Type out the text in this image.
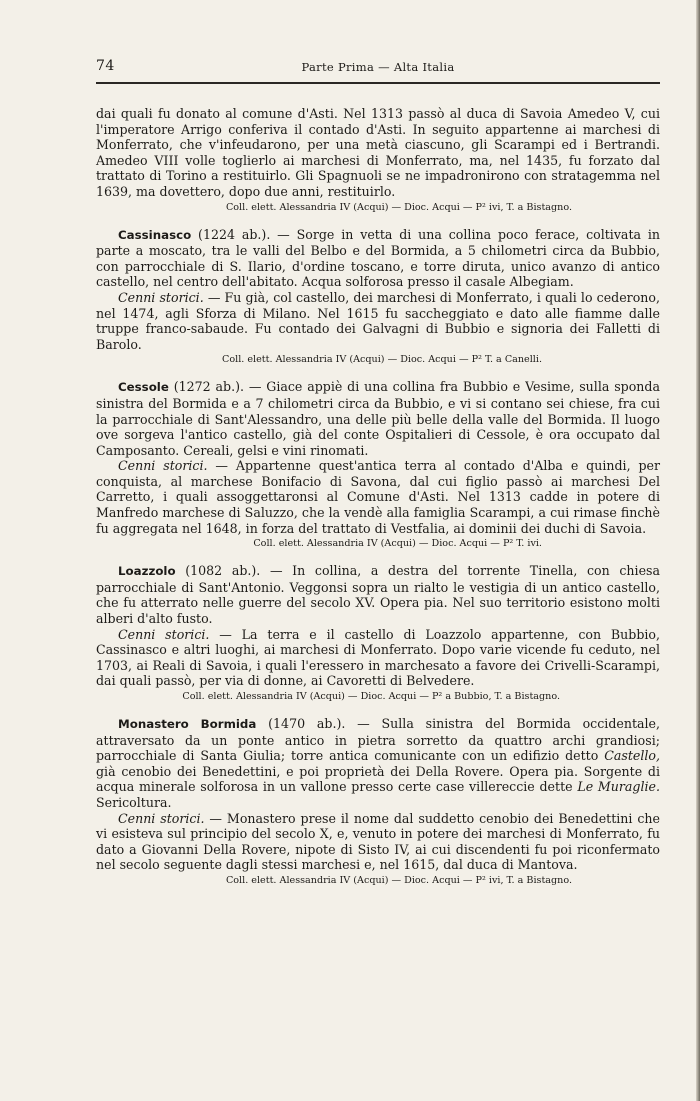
74	Parte Prima — Alta Italia

dai quali fu donato al comune d'Asti. Nel 1313 passò al duca di Savoia Amedeo V, cui l'imperatore Arrigo conferiva il contado d'Asti. In seguito appartenne ai marchesi di Monferrato, che v'infeudarono, per una metà ciascuno, gli Scarampi ed i Bertrandi. Amedeo VIII volle toglierlo ai marchesi di Monferrato, ma, nel 1435, fu forzato dal trattato di Torino a restituirlo. Gli Spagnuoli se ne impadronirono con stratagemma nel 1639, ma dovettero, dopo due anni, restituirlo.

Coll. elett. Alessandria IV (Acqui) — Dioc. Acqui — P² ivi, T. a Bistagno.

Cassinasco (1224 ab.). — Sorge in vetta di una collina poco ferace, coltivata in parte a moscato, tra le valli del Belbo e del Bormida, a 5 chilometri circa da Bubbio, con parrocchiale di S. Ilario, d'ordine toscano, e torre diruta, unico avanzo di antico castello, nel centro dell'abitato. Acqua solforosa presso il casale Albegiam.

Cenni storici. — Fu già, col castello, dei marchesi di Monferrato, i quali lo cederono, nel 1474, agli Sforza di Milano. Nel 1615 fu saccheggiato e dato alle fiamme dalle truppe franco-sabaude. Fu contado dei Galvagni di Bubbio e signoria dei Falletti di Barolo.

Coll. elett. Alessandria IV (Acqui) — Dioc. Acqui — P² T. a Canelli.

Cessole (1272 ab.). — Giace appiè di una collina fra Bubbio e Vesime, sulla sponda sinistra del Bormida e a 7 chilometri circa da Bubbio, e vi si contano sei chiese, fra cui la parrocchiale di Sant'Alessandro, una delle più belle della valle del Bormida. Il luogo ove sorgeva l'antico castello, già del conte Ospitalieri di Cessole, è ora occupato dal Camposanto. Cereali, gelsi e vini rinomati.

Cenni storici. — Appartenne quest'antica terra al contado d'Alba e quindi, per conquista, al marchese Bonifacio di Savona, dal cui figlio passò ai marchesi Del Carretto, i quali assoggettaronsi al Comune d'Asti. Nel 1313 cadde in potere di Manfredo marchese di Saluzzo, che la vendè alla famiglia Scarampi, a cui rimase finchè fu aggregata nel 1648, in forza del trattato di Vestfalia, ai dominii dei duchi di Savoia.

Coll. elett. Alessandria IV (Acqui) — Dioc. Acqui — P² T. ivi.

Loazzolo (1082 ab.). — In collina, a destra del torrente Tinella, con chiesa parrocchiale di Sant'Antonio. Veggonsi sopra un rialto le vestigia di un antico castello, che fu atterrato nelle guerre del secolo XV. Opera pia. Nel suo territorio esistono molti alberi d'alto fusto.

Cenni storici. — La terra e il castello di Loazzolo appartenne, con Bubbio, Cassinasco e altri luoghi, ai marchesi di Monferrato. Dopo varie vicende fu ceduto, nel 1703, ai Reali di Savoia, i quali l'eressero in marchesato a favore dei Crivelli-Scarampi, dai quali passò, per via di donne, ai Cavoretti di Belvedere.

Coll. elett. Alessandria IV (Acqui) — Dioc. Acqui — P² a Bubbio, T. a Bistagno.

Monastero Bormida (1470 ab.). — Sulla sinistra del Bormida occidentale, attraversato da un ponte antico in pietra sorretto da quattro archi grandiosi; parrocchiale di Santa Giulia; torre antica comunicante con un edifizio detto Castello, già cenobio dei Benedettini, e poi proprietà dei Della Rovere. Opera pia. Sorgente di acqua minerale solforosa in un vallone presso certe case villereccie dette Le Muraglie. Sericoltura.

Cenni storici. — Monastero prese il nome dal suddetto cenobio dei Benedettini che vi esisteva sul principio del secolo X, e, venuto in potere dei marchesi di Monferrato, fu dato a Giovanni Della Rovere, nipote di Sisto IV, ai cui discendenti fu poi riconfermato nel secolo seguente dagli stessi marchesi e, nel 1615, dal duca di Mantova.

Coll. elett. Alessandria IV (Acqui) — Dioc. Acqui — P² ivi, T. a Bistagno.
